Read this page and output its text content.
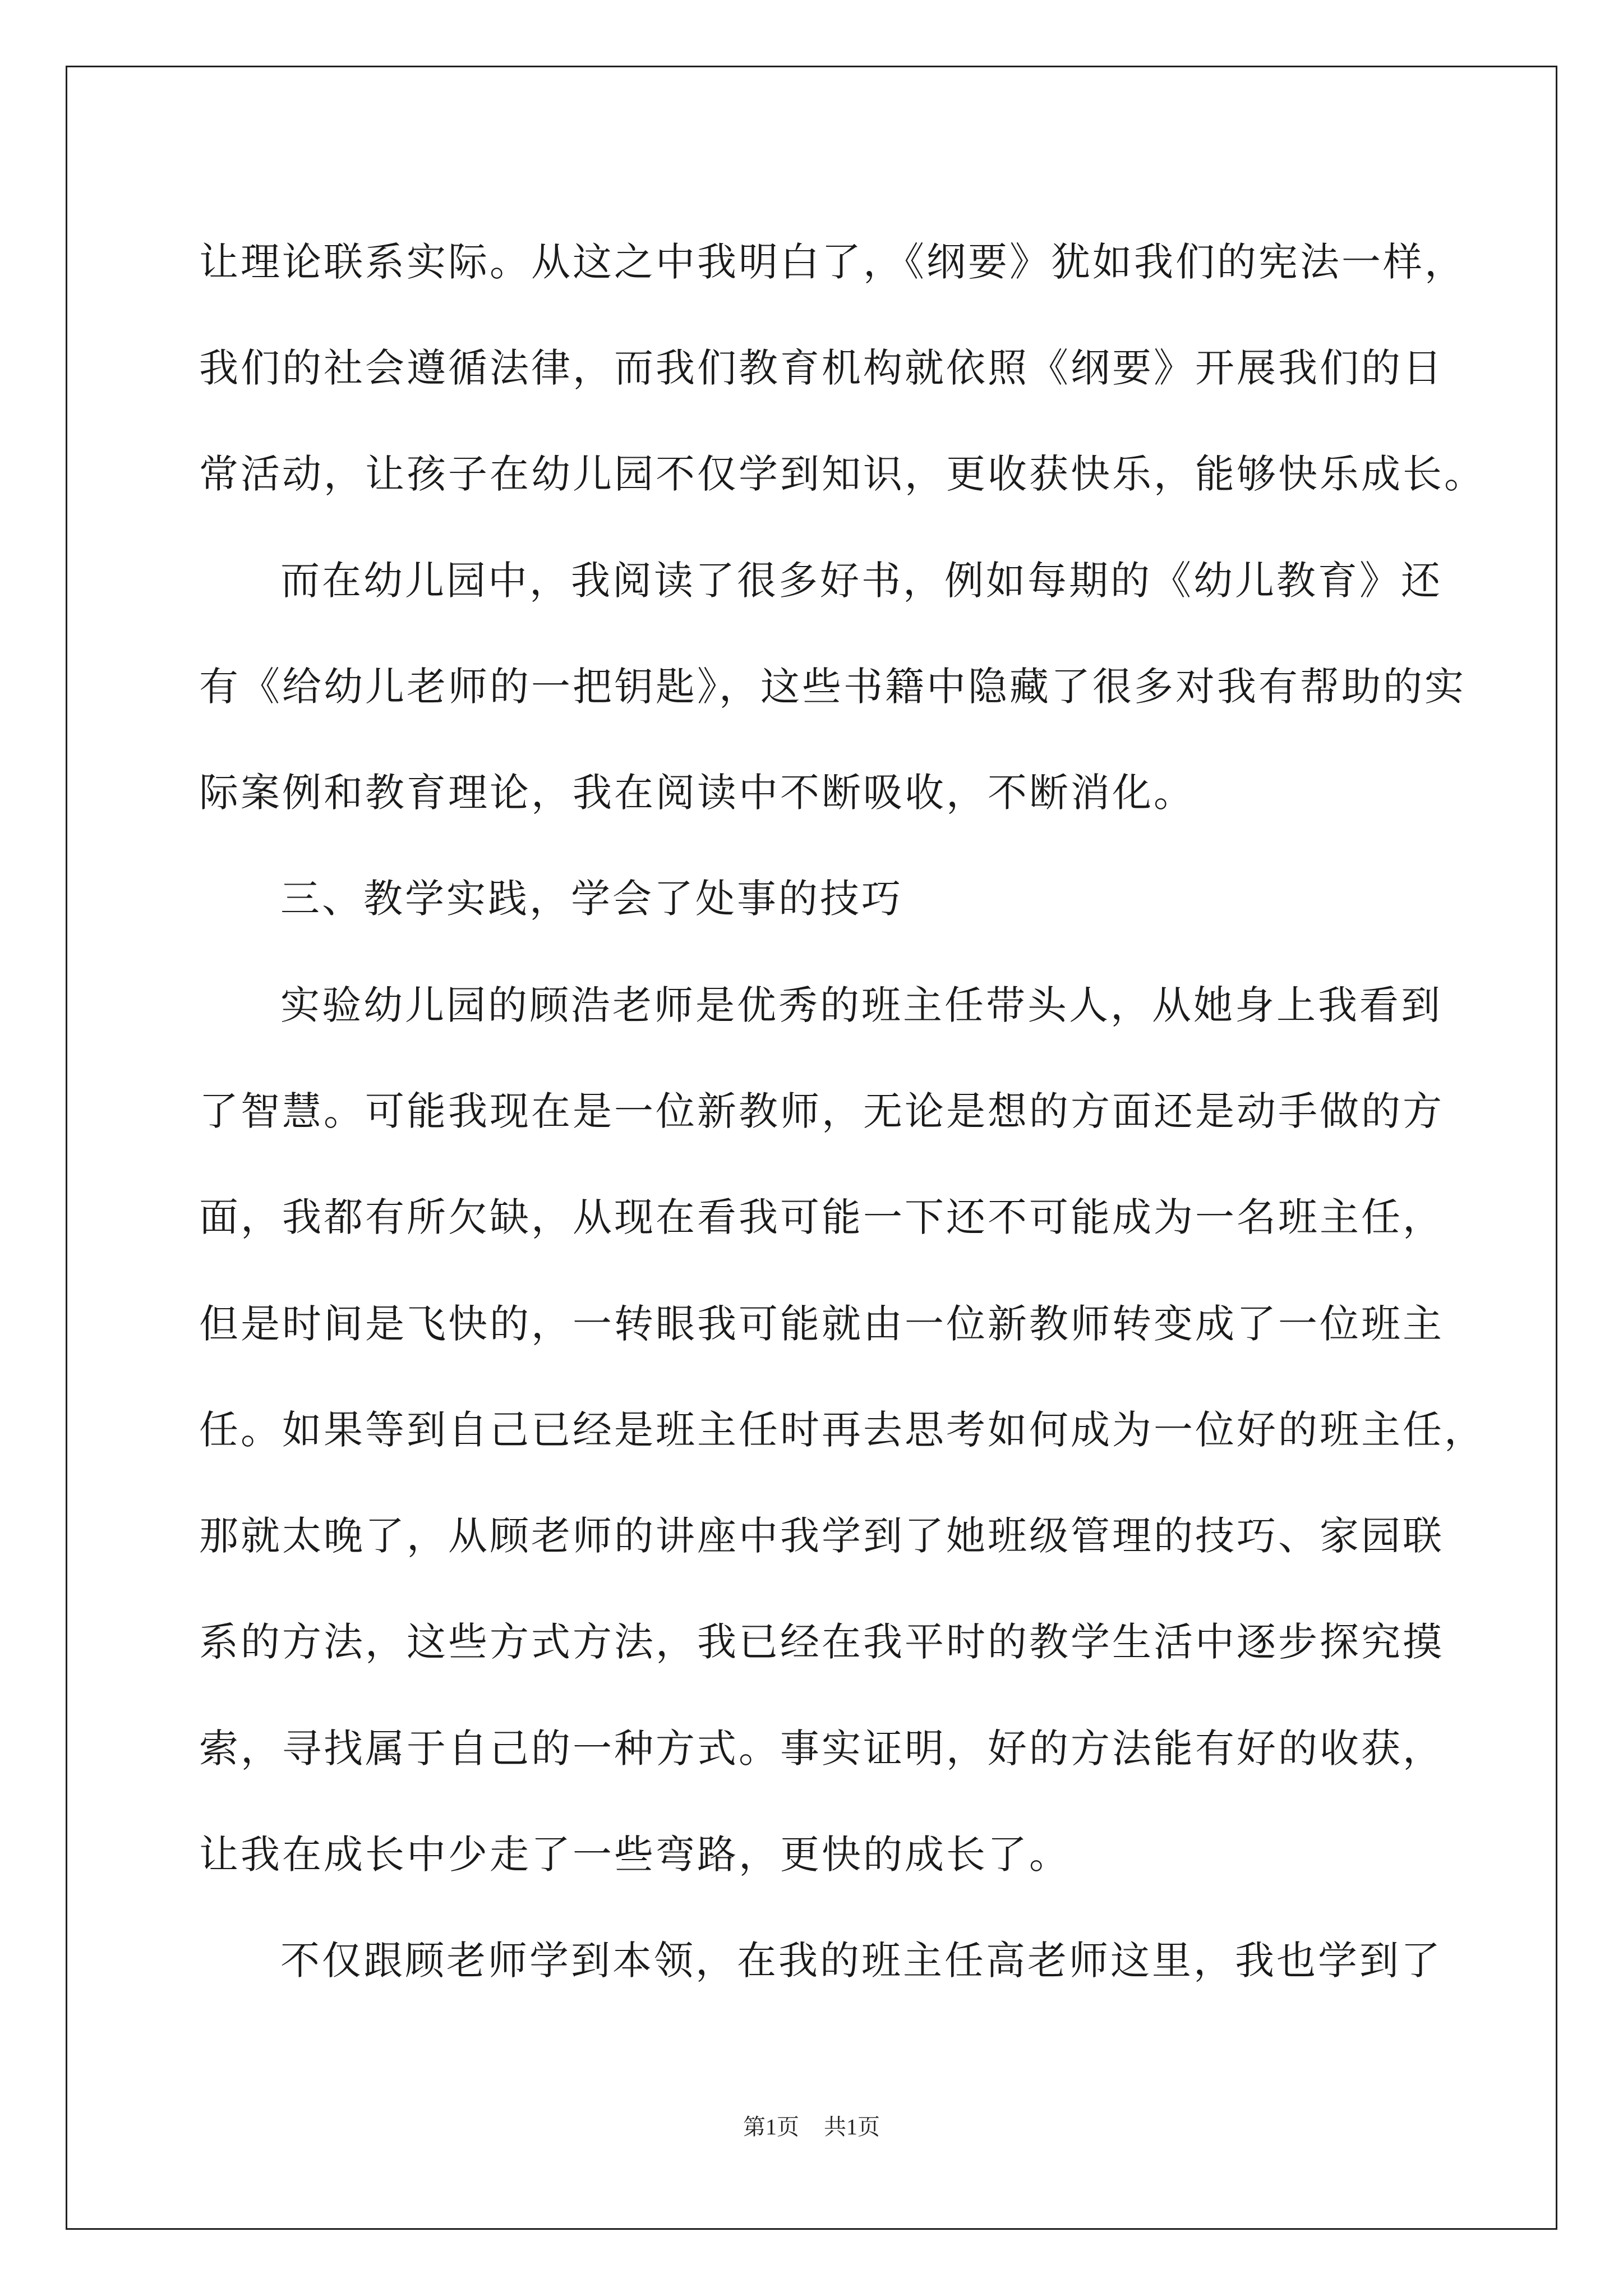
让理论联系实际。从这之中我明白了，《纲要》犹如我们的宪法一样，
我们的社会遵循法律，而我们教育机构就依照《纲要》开展我们的日
常活动，让孩子在幼儿园不仅学到知识，更收获快乐，能够快乐成长。
而在幼儿园中，我阅读了很多好书，例如每期的《幼儿教育》还
有《给幼儿老师的一把钥匙》，这些书籍中隐藏了很多对我有帮助的实
际案例和教育理论，我在阅读中不断吸收，不断消化。
三、教学实践，学会了处事的技巧
实验幼儿园的顾浩老师是优秀的班主任带头人，从她身上我看到
了智慧。可能我现在是一位新教师，无论是想的方面还是动手做的方
面，我都有所欠缺，从现在看我可能一下还不可能成为一名班主任，
但是时间是飞快的，一转眼我可能就由一位新教师转变成了一位班主
任。如果等到自己已经是班主任时再去思考如何成为一位好的班主任，
那就太晚了，从顾老师的讲座中我学到了她班级管理的技巧、家园联
系的方法，这些方式方法，我已经在我平时的教学生活中逐步探究摸
索，寻找属于自己的一种方式。事实证明，好的方法能有好的收获，
让我在成长中少走了一些弯路，更快的成长了。
不仅跟顾老师学到本领，在我的班主任高老师这里，我也学到了
第1页 共1页
